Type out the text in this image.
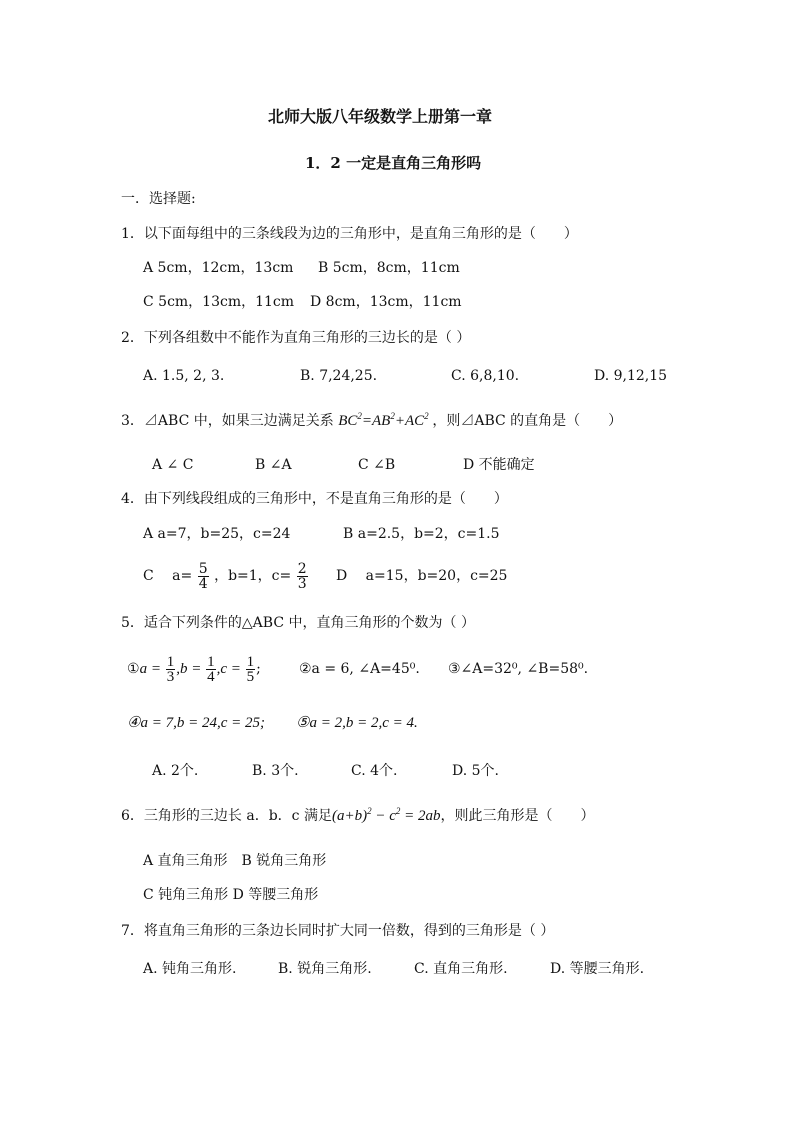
北师大版八年级数学上册第一章
1．2 一定是直角三角形吗
一．选择题:
1．以下面每组中的三条线段为边的三角形中，是直角三角形的是（　　）
A 5cm，12cm，13cm B 5cm，8cm，11cm
C 5cm，13cm，11cm D 8cm，13cm，11cm
2．下列各组数中不能作为直角三角形的三边长的是（ ）
A. 1.5, 2, 3.	B. 7,24,25.	C. 6,8,10.	D. 9,12,15
3．⊿ABC 中，如果三边满足关系 $BC^2=AB^2+AC^2$ ，则⊿ABC 的直角是（　　）
A ∠ C	B ∠A	C ∠B	D 不能确定
4．由下列线段组成的三角形中，不是直角三角形的是（　　）
A a=7，b=25，c=24	B a=2.5，b=2，c=1.5
C　 $a= \frac{5}{4}$ ，b=1，$c= \frac{2}{3}$ D　 a=15，b=20，c=25
5．适合下列条件的△ABC 中，直角三角形的个数为（ ）
①a = $\frac{1}{3} ,b = \frac{1}{4} ,c = \frac{1}{5}$ ;	②a = 6, ∠A=45⁰. ③∠A=32⁰, ∠B=58⁰.
④a = 7,b = 24,c = 25; ⑤a = 2,b = 2,c = 4.
A. 2个.	B. 3个.	C. 4个.	D. 5个.
6．三角形的三边长 a．b．c 满足$(a+b)^2 - c^2 = 2ab$，则此三角形是（　　）
A 直角三角形　B 锐角三角形
C 钝角三角形 D 等腰三角形
7．将直角三角形的三条边长同时扩大同一倍数，得到的三角形是（ ）
A. 钝角三角形.	B. 锐角三角形.	C. 直角三角形.	D. 等腰三角形.
